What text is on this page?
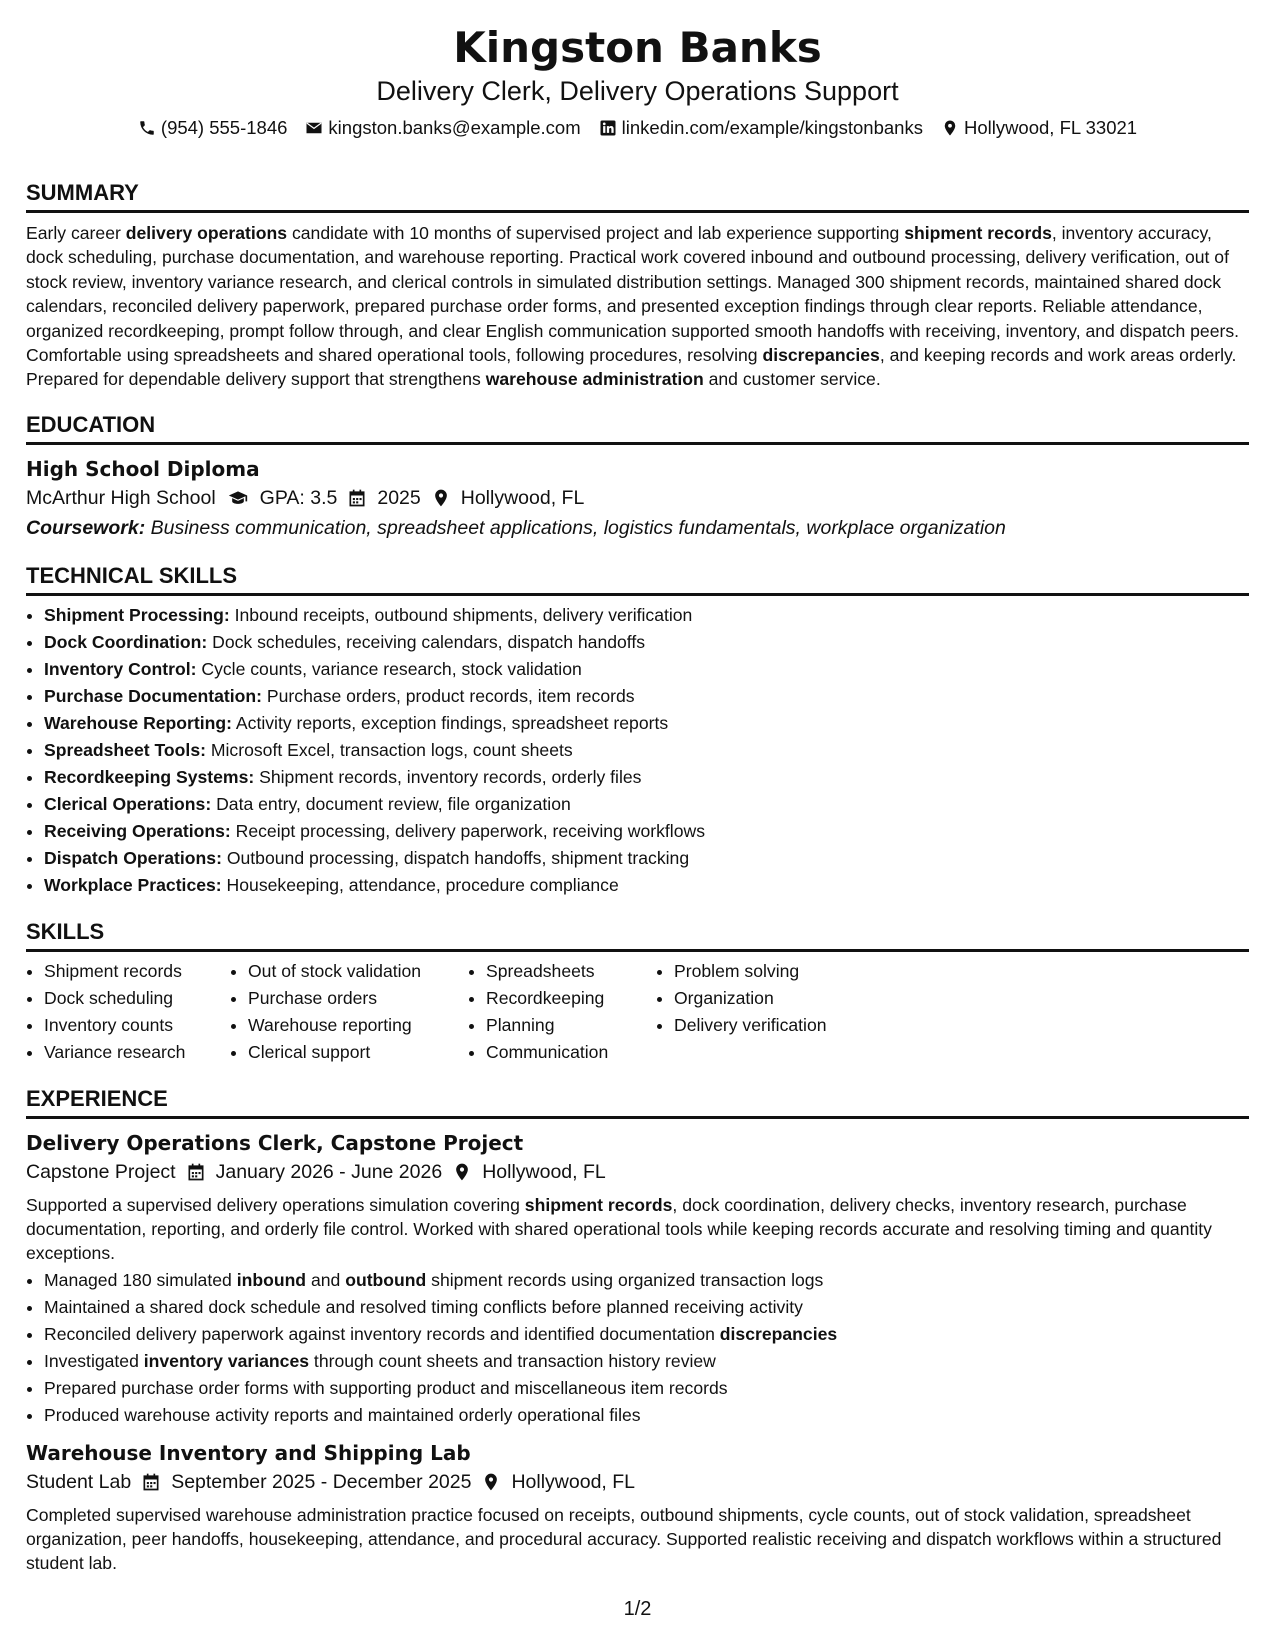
Kingston Banks
Delivery Clerk, Delivery Operations Support
(954) 555-1846 kingston.banks@example.com linkedin.com/example/kingstonbanks Hollywood, FL 33021
SUMMARY

Early career delivery operations candidate with 10 months of supervised project and lab experience supporting shipment records, inventory accuracy, dock scheduling, purchase documentation, and warehouse reporting. Practical work covered inbound and outbound processing, delivery verification, out of stock review, inventory variance research, and clerical controls in simulated distribution settings. Managed 300 shipment records, maintained shared dock calendars, reconciled delivery paperwork, prepared purchase order forms, and presented exception findings through clear reports. Reliable attendance, organized recordkeeping, prompt follow through, and clear English communication supported smooth handoffs with receiving, inventory, and dispatch peers. Comfortable using spreadsheets and shared operational tools, following procedures, resolving discrepancies, and keeping records and work areas orderly. Prepared for dependable delivery support that strengthens warehouse administration and customer service.

EDUCATION
High School Diploma
McArthur High School GPA: 3.5 2025 Hollywood, FL
Coursework: Business communication, spreadsheet applications, logistics fundamentals, workplace organization
TECHNICAL SKILLS
• Shipment Processing: Inbound receipts, outbound shipments, delivery verification
• Dock Coordination: Dock schedules, receiving calendars, dispatch handoffs
• Inventory Control: Cycle counts, variance research, stock validation
• Purchase Documentation: Purchase orders, product records, item records
• Warehouse Reporting: Activity reports, exception findings, spreadsheet reports
• Spreadsheet Tools: Microsoft Excel, transaction logs, count sheets
• Recordkeeping Systems: Shipment records, inventory records, orderly files
• Clerical Operations: Data entry, document review, file organization
• Receiving Operations: Receipt processing, delivery paperwork, receiving workflows
• Dispatch Operations: Outbound processing, dispatch handoffs, shipment tracking
• Workplace Practices: Housekeeping, attendance, procedure compliance
SKILLS
• Shipment records
• Dock scheduling
• Inventory counts
• Variance research
• Out of stock validation
• Purchase orders
• Warehouse reporting
• Clerical support
• Spreadsheets
• Recordkeeping
• Planning
• Communication
• Problem solving
• Organization
• Delivery verification
EXPERIENCE
Delivery Operations Clerk, Capstone Project
Capstone Project January 2026 - June 2026 Hollywood, FL

Supported a supervised delivery operations simulation covering shipment records, dock coordination, delivery checks, inventory research, purchase documentation, reporting, and orderly file control. Worked with shared operational tools while keeping records accurate and resolving timing and quantity exceptions.

• Managed 180 simulated inbound and outbound shipment records using organized transaction logs
• Maintained a shared dock schedule and resolved timing conflicts before planned receiving activity
• Reconciled delivery paperwork against inventory records and identified documentation discrepancies
• Investigated inventory variances through count sheets and transaction history review
• Prepared purchase order forms with supporting product and miscellaneous item records
• Produced warehouse activity reports and maintained orderly operational files
Warehouse Inventory and Shipping Lab
Student Lab September 2025 - December 2025 Hollywood, FL

Completed supervised warehouse administration practice focused on receipts, outbound shipments, cycle counts, out of stock validation, spreadsheet organization, peer handoffs, housekeeping, attendance, and procedural accuracy. Supported realistic receiving and dispatch workflows within a structured student lab.

1/2
